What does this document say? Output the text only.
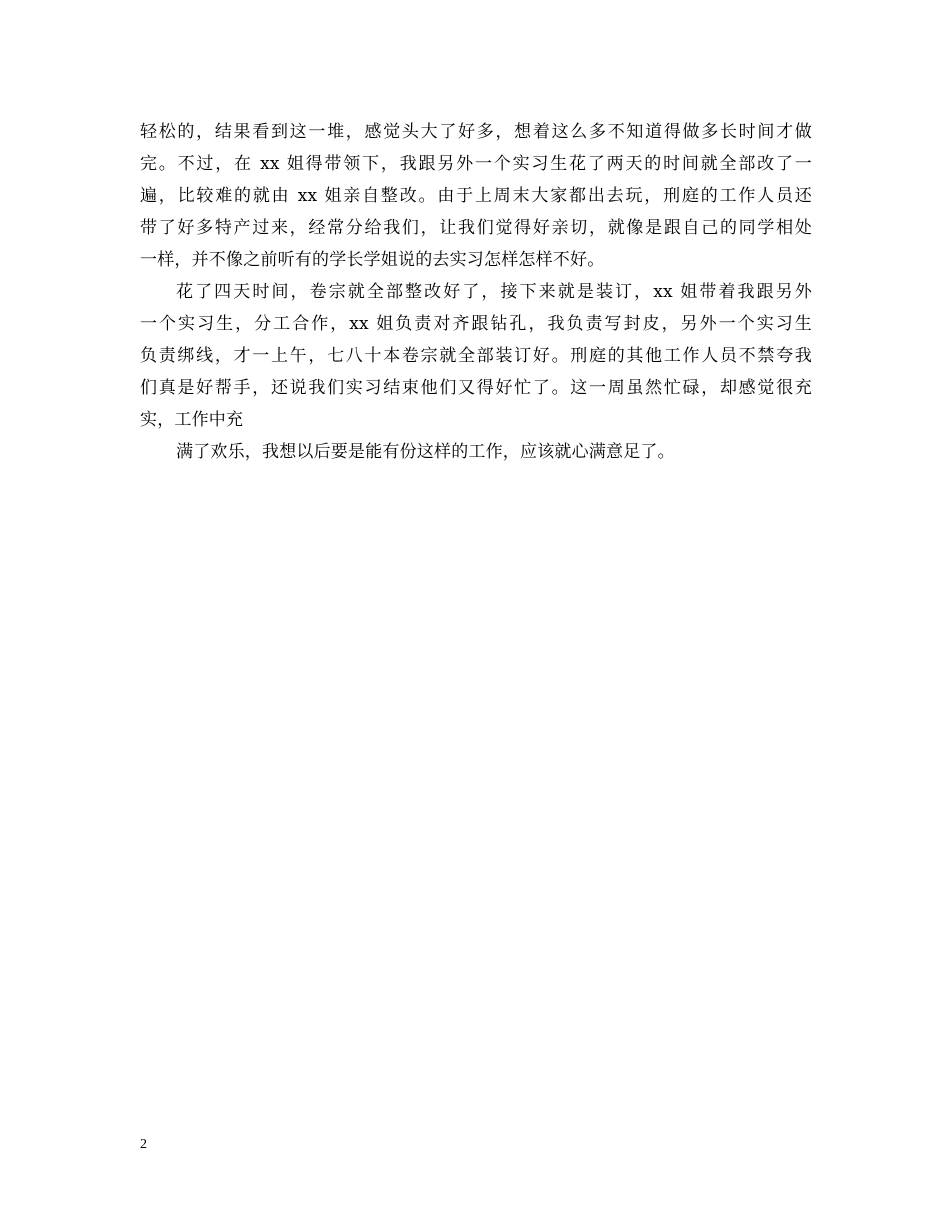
轻松的，结果看到这一堆，感觉头大了好多，想着这么多不知道得做多长时间才做
完。不过，在 xx 姐得带领下，我跟另外一个实习生花了两天的时间就全部改了一
遍，比较难的就由 xx 姐亲自整改。由于上周末大家都出去玩，刑庭的工作人员还
带了好多特产过来，经常分给我们，让我们觉得好亲切，就像是跟自己的同学相处
一样，并不像之前听有的学长学姐说的去实习怎样怎样不好。
花了四天时间，卷宗就全部整改好了，接下来就是装订，xx 姐带着我跟另外
一个实习生，分工合作，xx 姐负责对齐跟钻孔，我负责写封皮，另外一个实习生
负责绑线，才一上午，七八十本卷宗就全部装订好。刑庭的其他工作人员不禁夸我
们真是好帮手，还说我们实习结束他们又得好忙了。这一周虽然忙碌，却感觉很充
实，工作中充
满了欢乐，我想以后要是能有份这样的工作，应该就心满意足了。
2
